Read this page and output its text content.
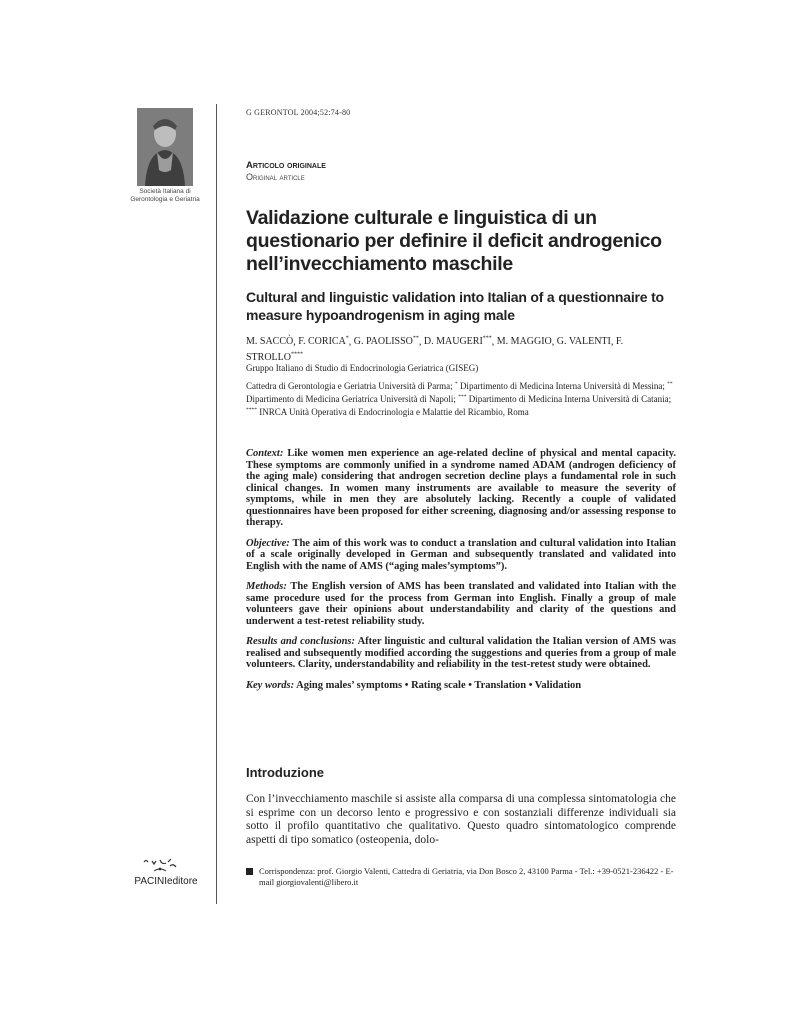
Società Italiana di Gerontologia e Geriatria
G GERONTOL 2004;52:74-80
Articolo originale
Original article
Validazione culturale e linguistica di un questionario per definire il deficit androgenico nell’invecchiamento maschile
Cultural and linguistic validation into Italian of a questionnaire to measure hypoandrogenism in aging male
M. SACCÒ, F. CORICA*, G. PAOLISSO**, D. MAUGERI***, M. MAGGIO, G. VALENTI, F. STROLLO****
Gruppo Italiano di Studio di Endocrinologia Geriatrica (GISEG)
Cattedra di Gerontologia e Geriatria Università di Parma; * Dipartimento di Medicina Interna Università di Messina; ** Dipartimento di Medicina Geriatrica Università di Napoli; *** Dipartimento di Medicina Interna Università di Catania; **** INRCA Unità Operativa di Endocrinologia e Malattie del Ricambio, Roma

Context: Like women men experience an age-related decline of physical and mental capacity. These symptoms are commonly unified in a syndrome named ADAM (androgen deficiency of the aging male) considering that androgen secretion decline plays a fundamental role in such clinical changes. In women many instruments are available to measure the severity of symptoms, while in men they are absolutely lacking. Recently a couple of validated questionnaires have been proposed for either screening, diagnosing and/or assessing response to therapy.

Objective: The aim of this work was to conduct a translation and cultural validation into Italian of a scale originally developed in German and subsequently translated and validated into English with the name of AMS (“aging males’symptoms”).

Methods: The English version of AMS has been translated and validated into Italian with the same procedure used for the process from German into English. Finally a group of male volunteers gave their opinions about understandability and clarity of the questions and underwent a test-retest reliability study.

Results and conclusions: After linguistic and cultural validation the Italian version of AMS was realised and subsequently modified according the suggestions and queries from a group of male volunteers. Clarity, understandability and reliability in the test-retest study were obtained.

Key words: Aging males’ symptoms • Rating scale • Translation • Validation

Introduzione

Con l’invecchiamento maschile si assiste alla comparsa di una complessa sintomatologia che si esprime con un decorso lento e progressivo e con sostanziali differenze individuali sia sotto il profilo quantitativo che qualitativo. Questo quadro sintomatologico comprende aspetti di tipo somatico (osteopenia, dolo-

Corrispondenza: prof. Giorgio Valenti, Cattedra di Geriatria, via Don Bosco 2, 43100 Parma - Tel.: +39-0521-236422 - E-mail giorgiovalenti@libero.it
PACINIeditore
